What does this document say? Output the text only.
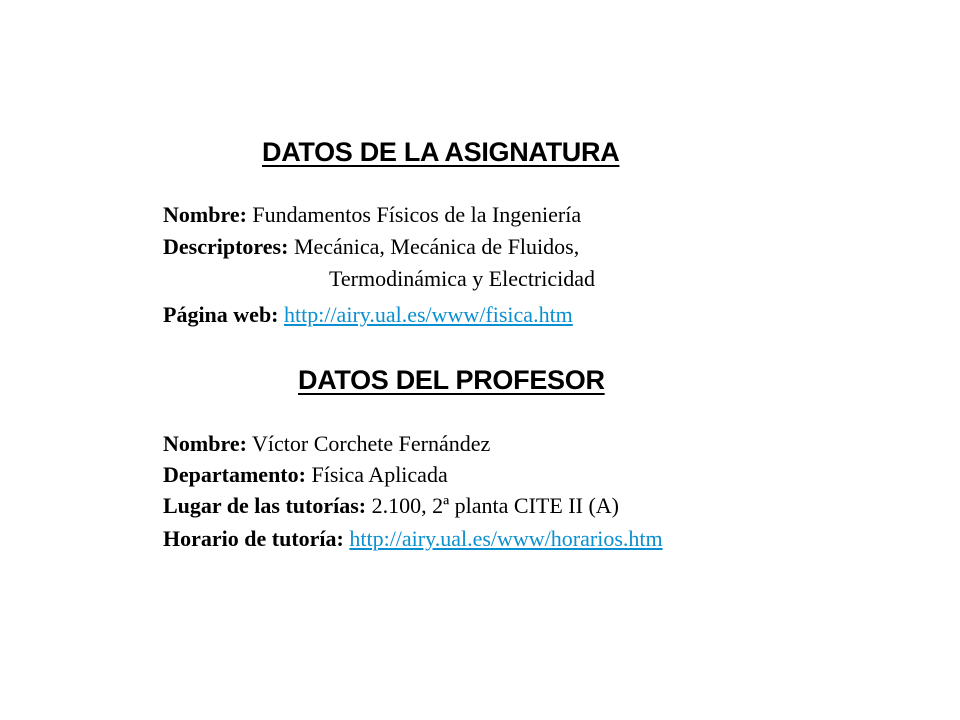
DATOS DE LA ASIGNATURA
Nombre: Fundamentos Físicos de la Ingeniería
Descriptores: Mecánica, Mecánica de Fluidos,
Termodinámica y Electricidad
Página web: http://airy.ual.es/www/fisica.htm
DATOS DEL PROFESOR
Nombre: Víctor Corchete Fernández
Departamento: Física Aplicada
Lugar de las tutorías: 2.100, 2ª planta CITE II (A)
Horario de tutoría: http://airy.ual.es/www/horarios.htm
